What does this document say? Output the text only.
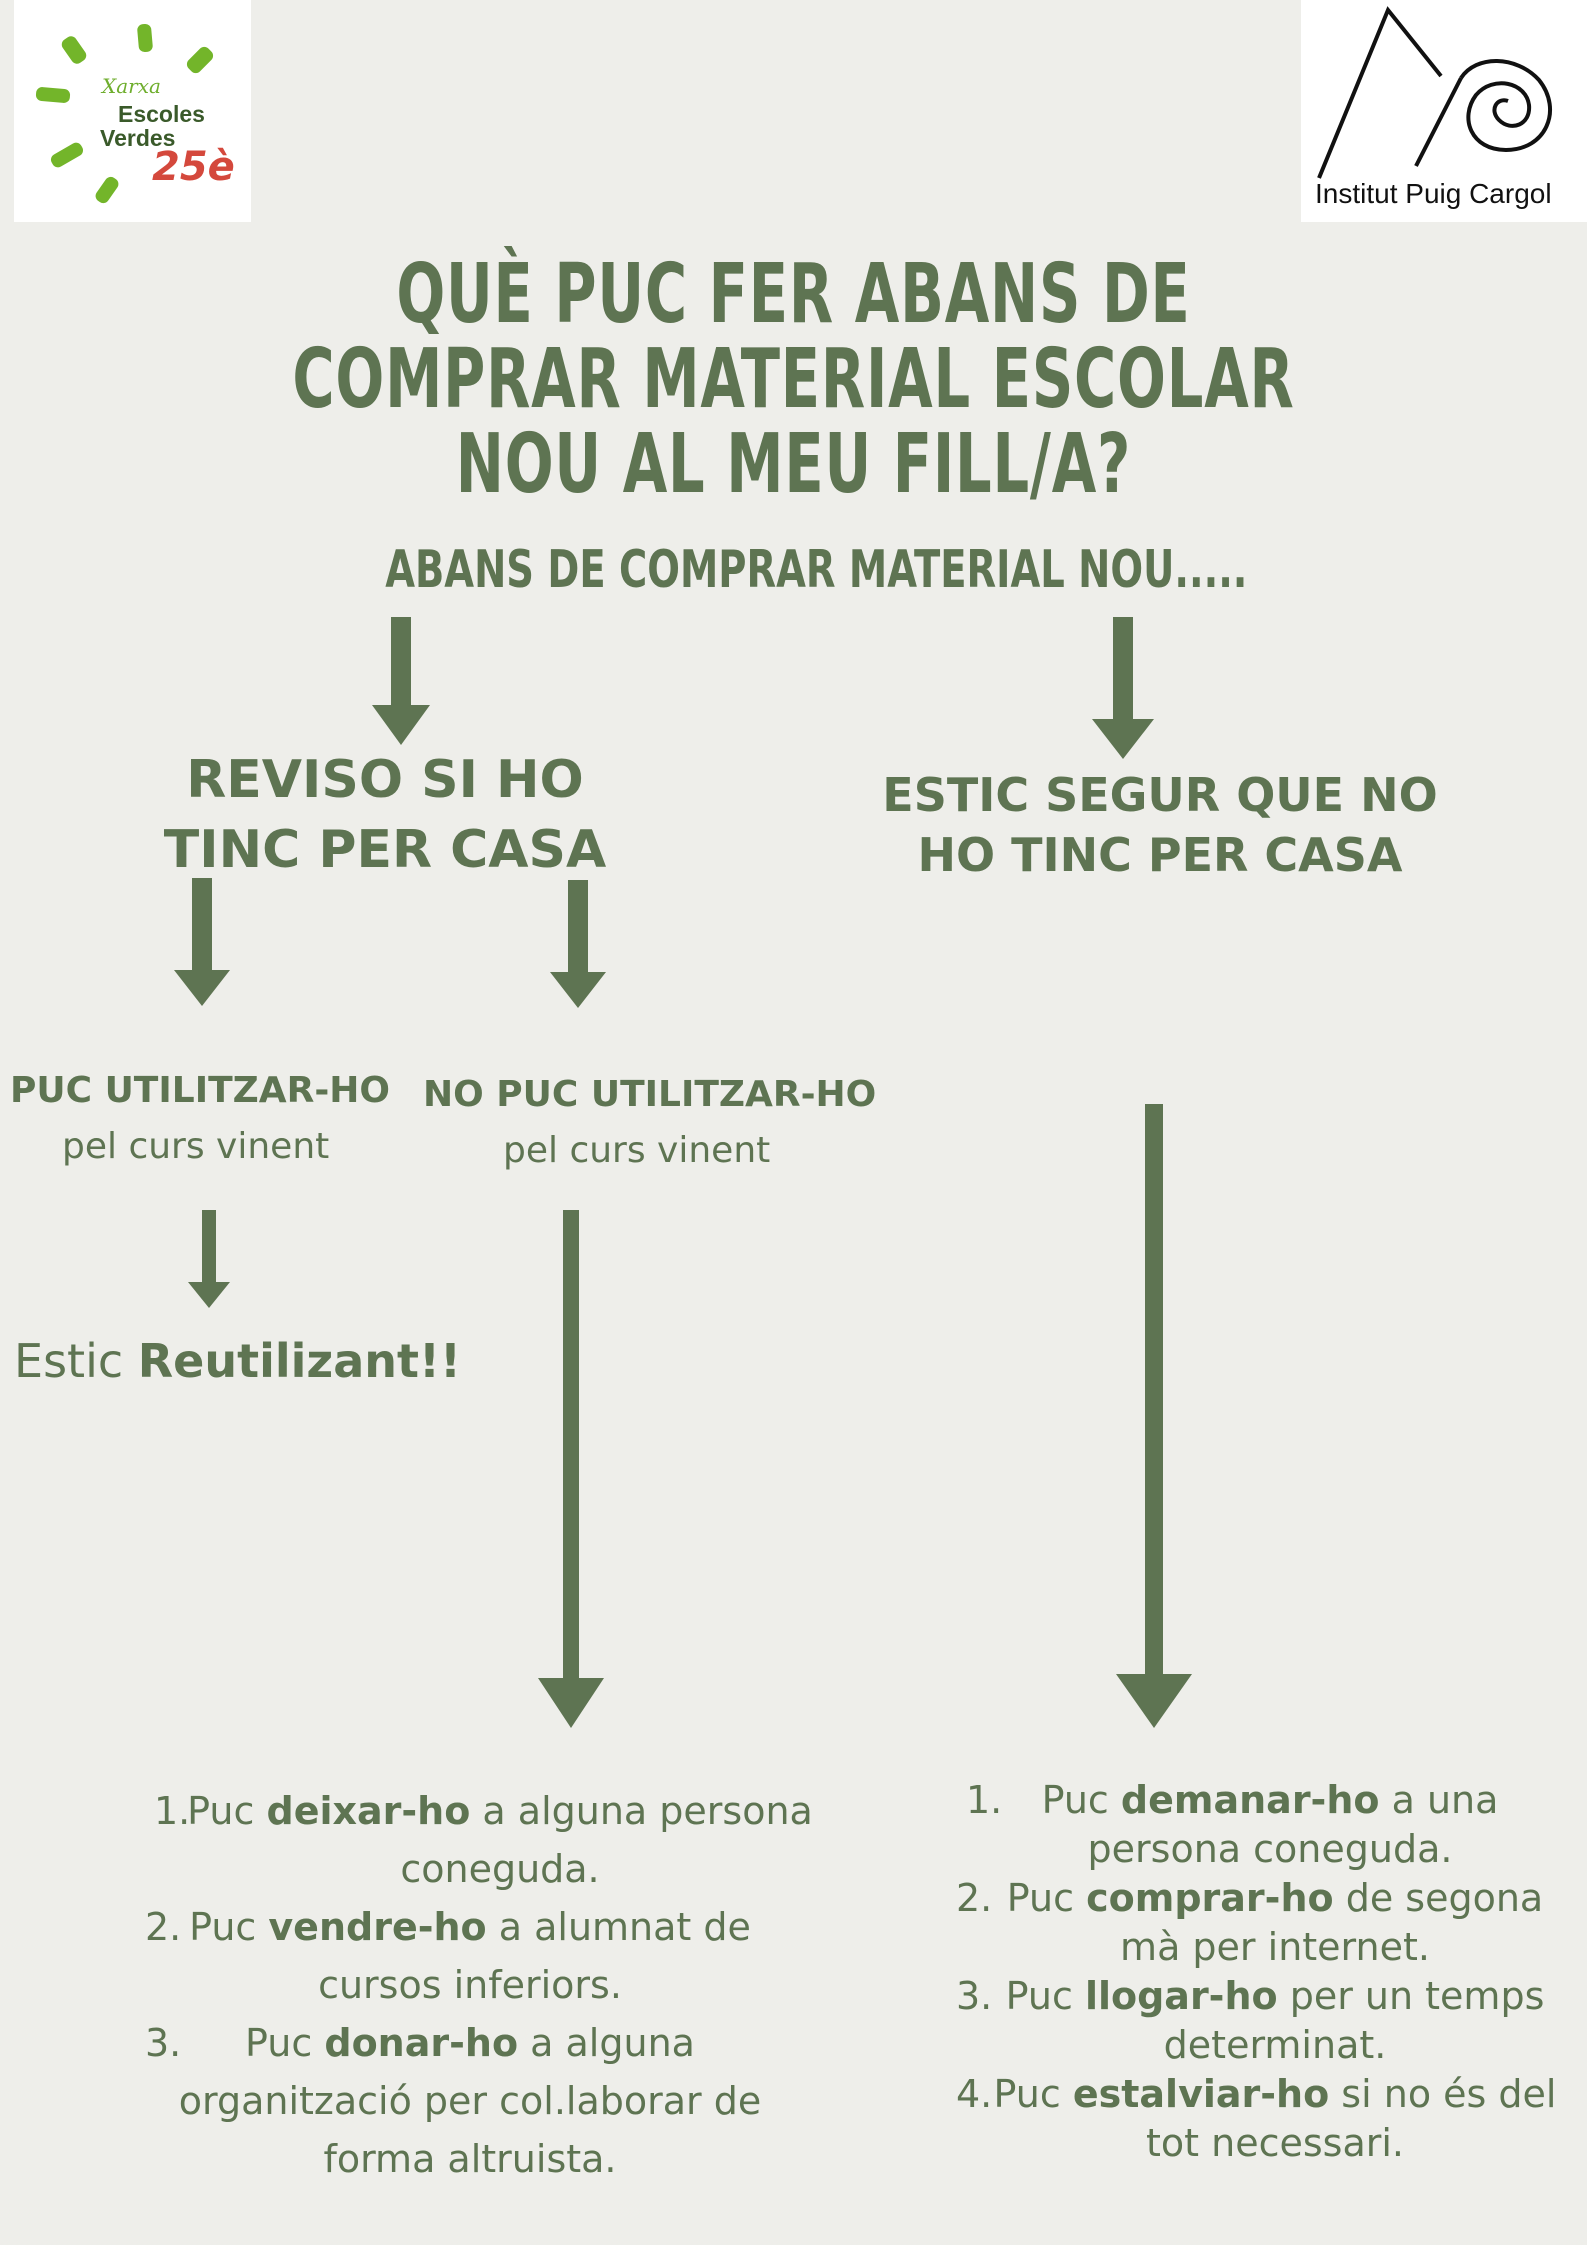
Xarxa
Escoles
Verdes
25è
Institut Puig Cargol
QUÈ PUC FER ABANS DE COMPRAR MATERIAL ESCOLAR NOU AL MEU FILL/A?
ABANS DE COMPRAR MATERIAL NOU.....
REVISO SI HO TINC PER CASA
ESTIC SEGUR QUE NO HO TINC PER CASA
PUC UTILITZAR-HO
pel curs vinent
NO PUC UTILITZAR-HO
pel curs vinent
Estic Reutilizant!!
1.
Puc deixar-ho a alguna persona coneguda.
2. Puc vendre-ho a alumnat de cursos inferiors.
3. Puc donar-ho a alguna organització per col.laborar de forma altruista.
1. Puc demanar-ho a una persona coneguda.
2. Puc comprar-ho de segona mà per internet.
3. Puc llogar-ho per un temps determinat.
4. Puc estalviar-ho si no és del tot necessari.
